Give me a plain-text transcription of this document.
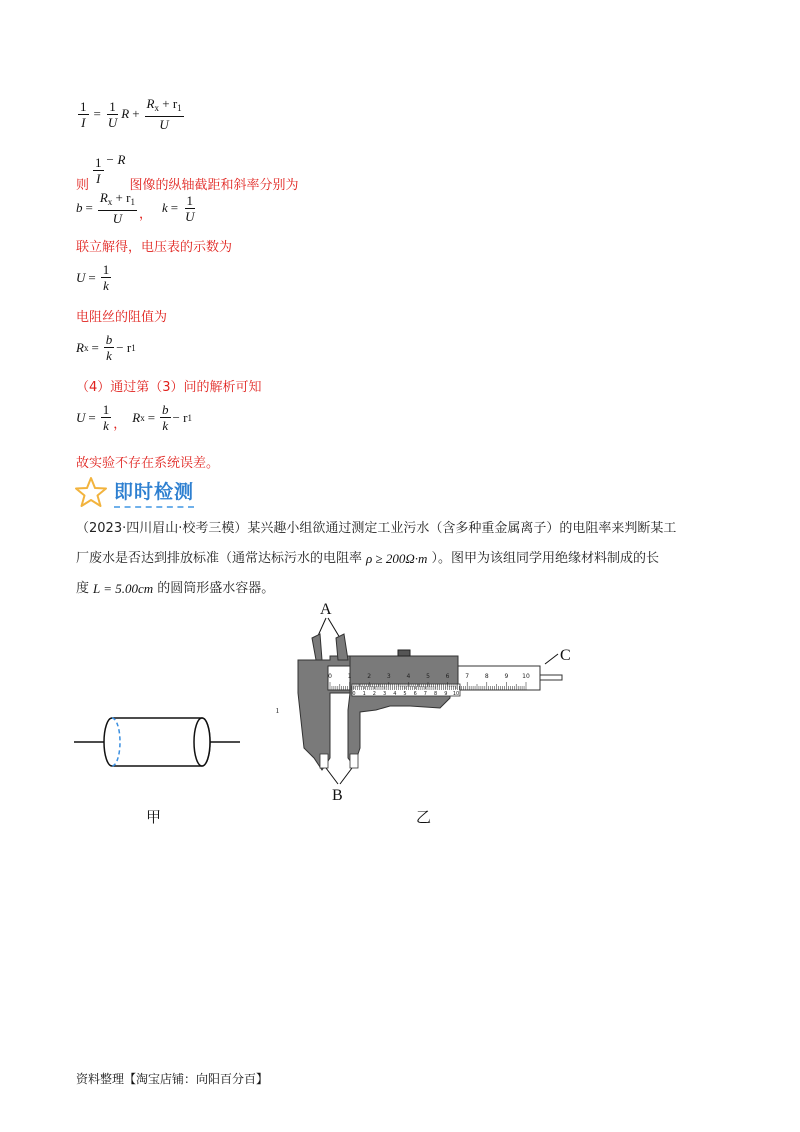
$\frac{1}{I} = \frac{1}{U}$ $R + \frac{R_x + r_1}{U}$
则 $\frac{1}{I} - R$
图像的纵轴截距和斜率分别为
$b = \frac{R_x + r_1}{U}$ ， $k = \frac{1}{U}$
联立解得，电压表的示数为
$U = \frac{1}{k}$
电阻丝的阻值为
R $x = \frac{b}{k} - r$ 1
（4）通过第（3）问的解析可知
$U = \frac{1}{k}$ ， R $x = \frac{b}{k} - r$ 1
故实验不存在系统误差。
即时检测
（2023·四川眉山·校考三模）某兴趣小组欲通过测定工业污水（含多种重金属离子）的电阻率来判断某工
厂废水是否达到排放标准（通常达标污水的电阻率 ρ ≥ 200Ω·m ）。图甲为该组同学用绝缘材料制成的长
度 L = 5.00cm 的圆筒形盛水容器。
甲
ı
A
C
B
0	1	2	3	4	5	6	7	8	9 10
0 1 2 3 4 5 6 7 8 9 10
乙
资料整理【淘宝店铺：向阳百分百】
